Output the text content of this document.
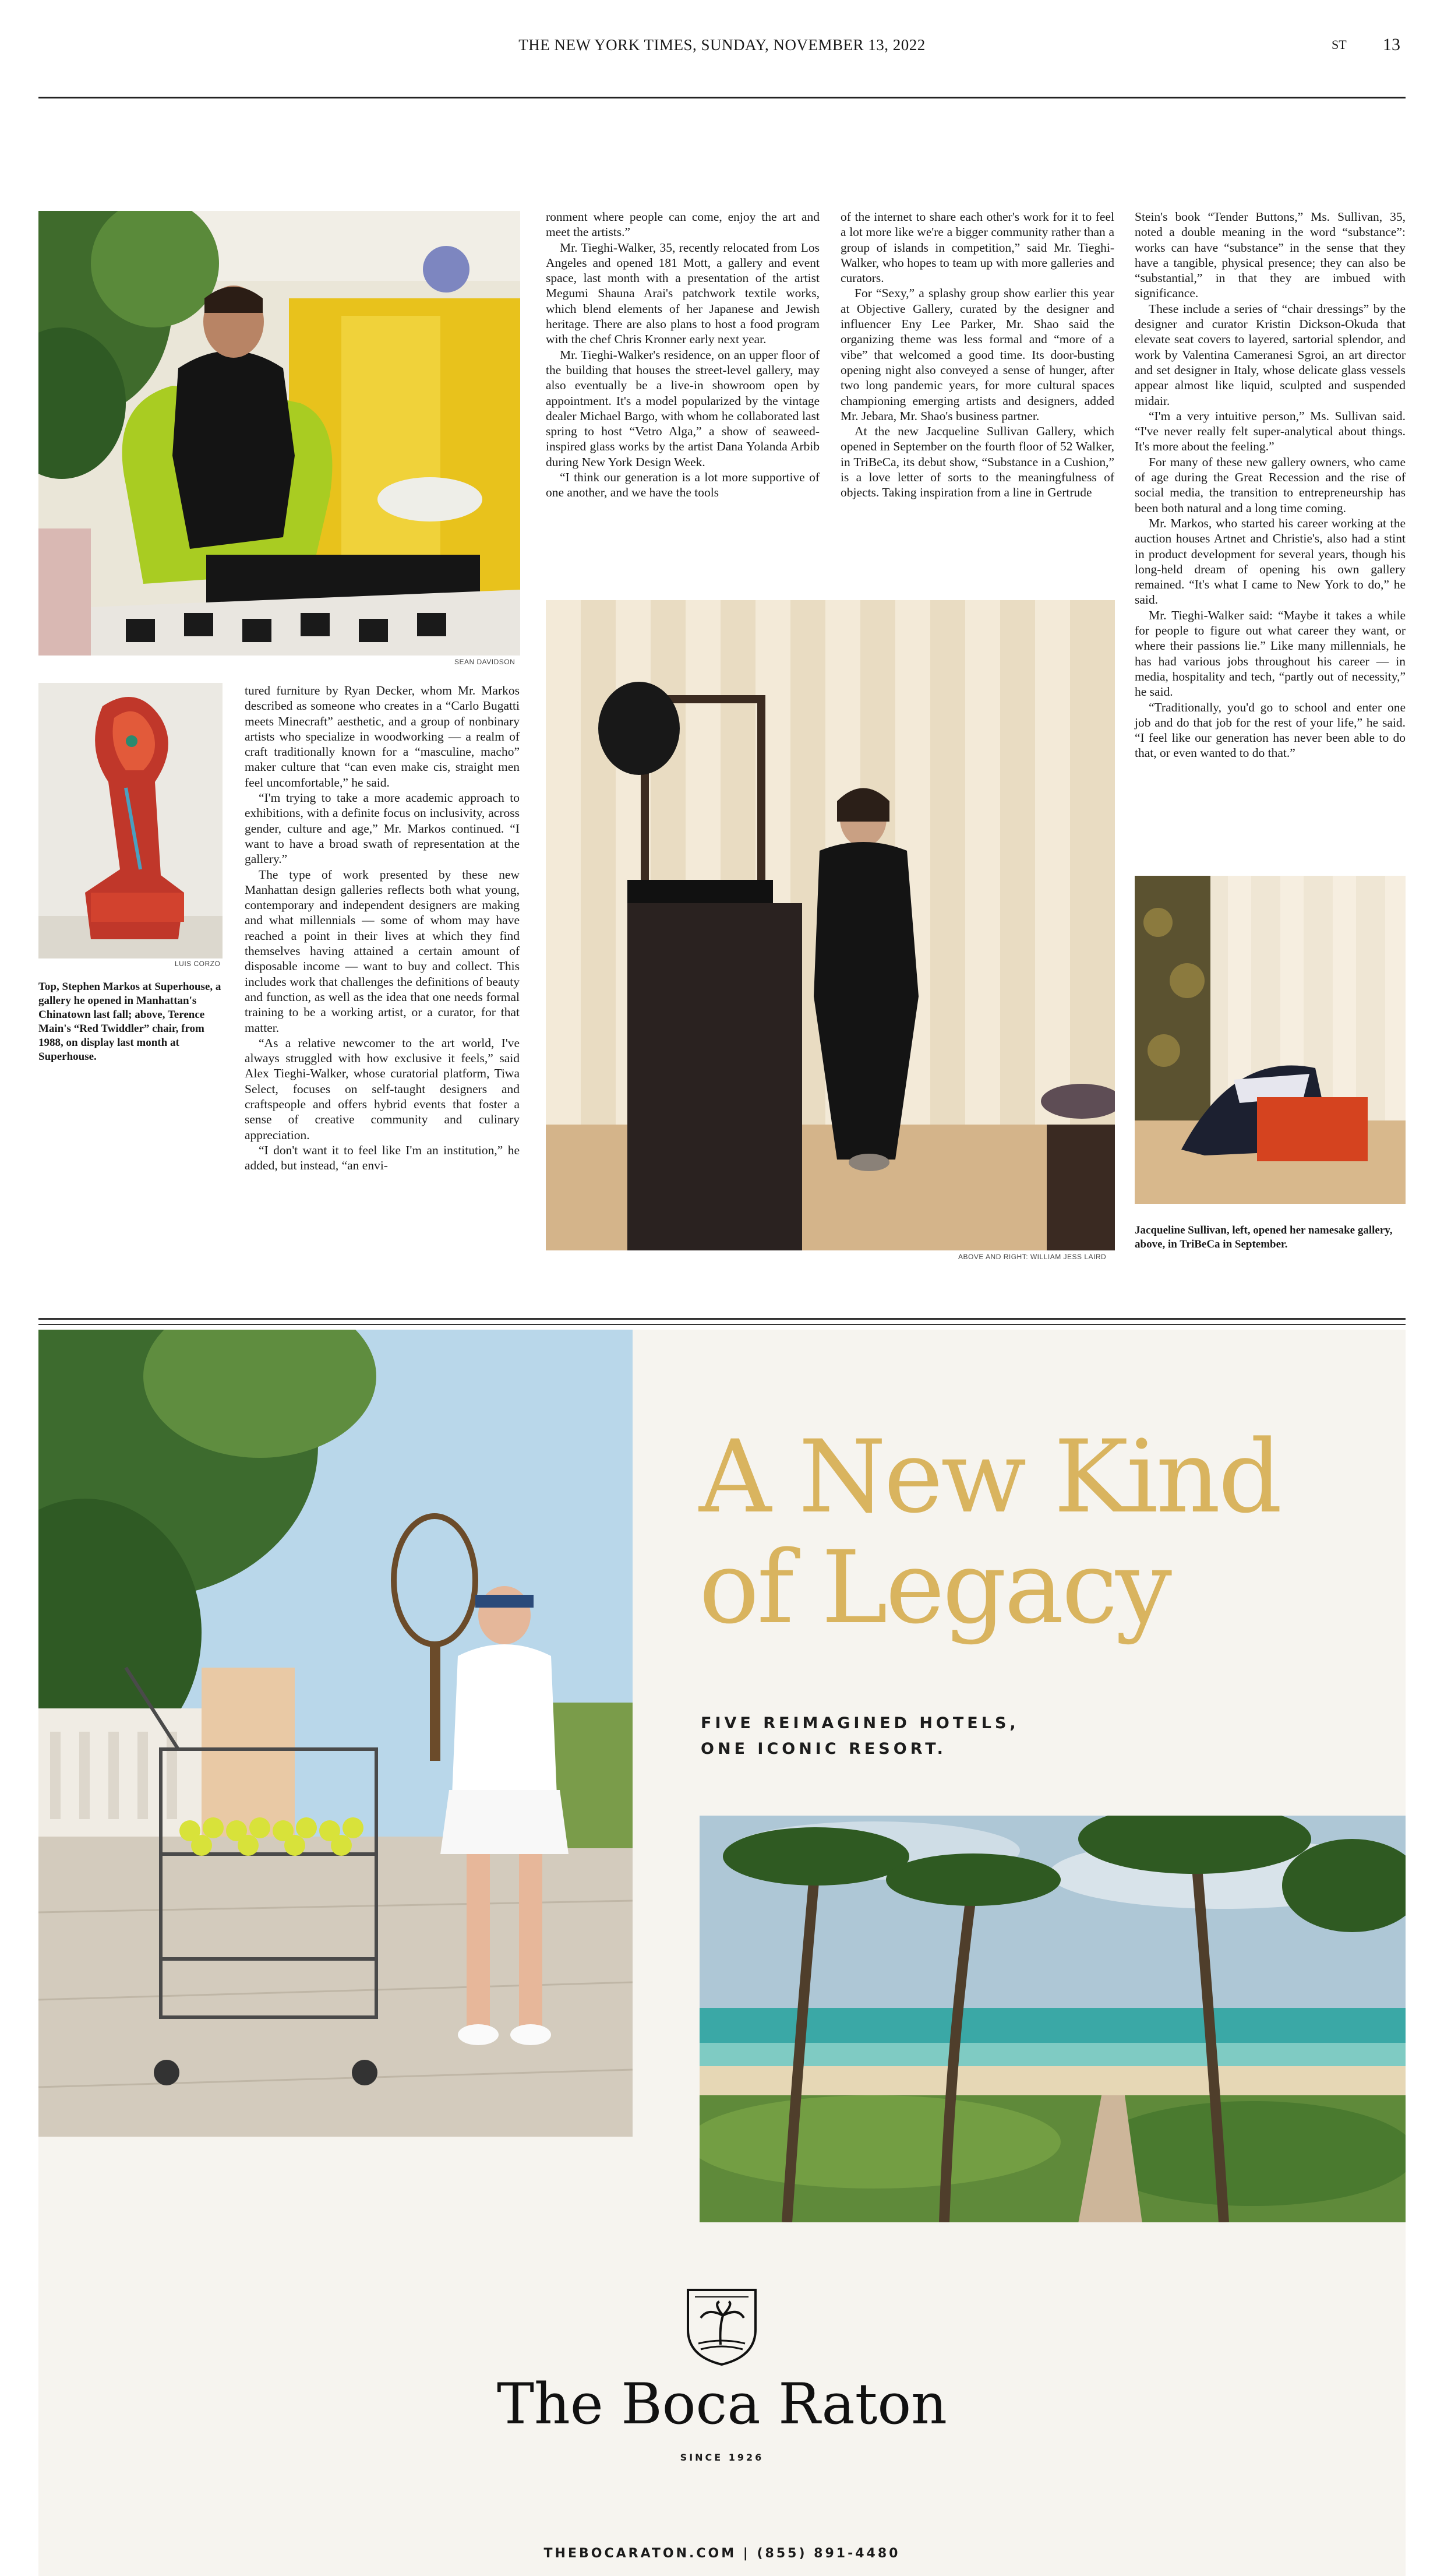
THE NEW YORK TIMES, SUNDAY, NOVEMBER 13, 2022	ST 13
SEAN DAVIDSON
LUIS CORZO
Top, Stephen Markos at Superhouse, a gallery he opened in Manhattan's Chinatown last fall; above, Terence Main's “Red Twiddler” chair, from 1988, on display last month at Superhouse.

tured furniture by Ryan Decker, whom Mr. Markos described as someone who creates in a “Carlo Bugatti meets Minecraft” aesthetic, and a group of nonbinary artists who specialize in woodworking — a realm of craft traditionally known for a “masculine, macho” maker culture that “can even make cis, straight men feel uncomfortable,” he said.

“I'm trying to take a more academic approach to exhibitions, with a definite focus on inclusivity, across gender, culture and age,” Mr. Markos continued. “I want to have a broad swath of representation at the gallery.”

The type of work presented by these new Manhattan design galleries reflects both what young, contemporary and independent designers are making and what millennials — some of whom may have reached a point in their lives at which they find themselves having attained a certain amount of disposable income — want to buy and collect. This includes work that challenges the definitions of beauty and function, as well as the idea that one needs formal training to be a working artist, or a curator, for that matter.

“As a relative newcomer to the art world, I've always struggled with how exclusive it feels,” said Alex Tieghi-Walker, whose curatorial platform, Tiwa Select, focuses on self-taught designers and craftspeople and offers hybrid events that foster a sense of creative community and culinary appreciation.

“I don't want it to feel like I'm an institution,” he added, but instead, “an envi-

ronment where people can come, enjoy the art and meet the artists.”

Mr. Tieghi-Walker, 35, recently relocated from Los Angeles and opened 181 Mott, a gallery and event space, last month with a presentation of the artist Megumi Shauna Arai's patchwork textile works, which blend elements of her Japanese and Jewish heritage. There are also plans to host a food program with the chef Chris Kronner early next year.

Mr. Tieghi-Walker's residence, on an upper floor of the building that houses the street-level gallery, may also eventually be a live-in showroom open by appointment. It's a model popularized by the vintage dealer Michael Bargo, with whom he collaborated last spring to host “Vetro Alga,” a show of seaweed-inspired glass works by the artist Dana Yolanda Arbib during New York Design Week.

“I think our generation is a lot more supportive of one another, and we have the tools

of the internet to share each other's work for it to feel a lot more like we're a bigger community rather than a group of islands in competition,” said Mr. Tieghi-Walker, who hopes to team up with more galleries and curators.

For “Sexy,” a splashy group show earlier this year at Objective Gallery, curated by the designer and influencer Eny Lee Parker, Mr. Shao said the organizing theme was less formal and “more of a vibe” that welcomed a good time. Its door-busting opening night also conveyed a sense of hunger, after two long pandemic years, for more cultural spaces championing emerging artists and designers, added Mr. Jebara, Mr. Shao's business partner.

At the new Jacqueline Sullivan Gallery, which opened in September on the fourth floor of 52 Walker, in TriBeCa, its debut show, “Substance in a Cushion,” is a love letter of sorts to the meaningfulness of objects. Taking inspiration from a line in Gertrude

ABOVE AND RIGHT: WILLIAM JESS LAIRD

Stein's book “Tender Buttons,” Ms. Sullivan, 35, noted a double meaning in the word “substance”: works can have “substance” in the sense that they have a tangible, physical presence; they can also be “substantial,” in that they are imbued with significance.

These include a series of “chair dressings” by the designer and curator Kristin Dickson-Okuda that elevate seat covers to layered, sartorial splendor, and work by Valentina Cameranesi Sgroi, an art director and set designer in Italy, whose delicate glass vessels appear almost like liquid, sculpted and suspended midair.

“I'm a very intuitive person,” Ms. Sullivan said. “I've never really felt super-analytical about things. It's more about the feeling.”

For many of these new gallery owners, who came of age during the Great Recession and the rise of social media, the transition to entrepreneurship has been both natural and a long time coming.

Mr. Markos, who started his career working at the auction houses Artnet and Christie's, also had a stint in product development for several years, though his long-held dream of opening his own gallery remained. “It's what I came to New York to do,” he said.

Mr. Tieghi-Walker said: “Maybe it takes a while for people to figure out what career they want, or where their passions lie.” Like many millennials, he has had various jobs throughout his career — in media, hospitality and tech, “partly out of necessity,” he said.

“Traditionally, you'd go to school and enter one job and do that job for the rest of your life,” he said. “I feel like our generation has never been able to do that, or even wanted to do that.”

Jacqueline Sullivan, left, opened her namesake gallery, above, in TriBeCa in September.
A New Kind
of Legacy
FIVE REIMAGINED HOTELS,
ONE ICONIC RESORT.
The Boca Raton
SINCE 1926
THEBOCARATON.COM | (855) 891-4480
